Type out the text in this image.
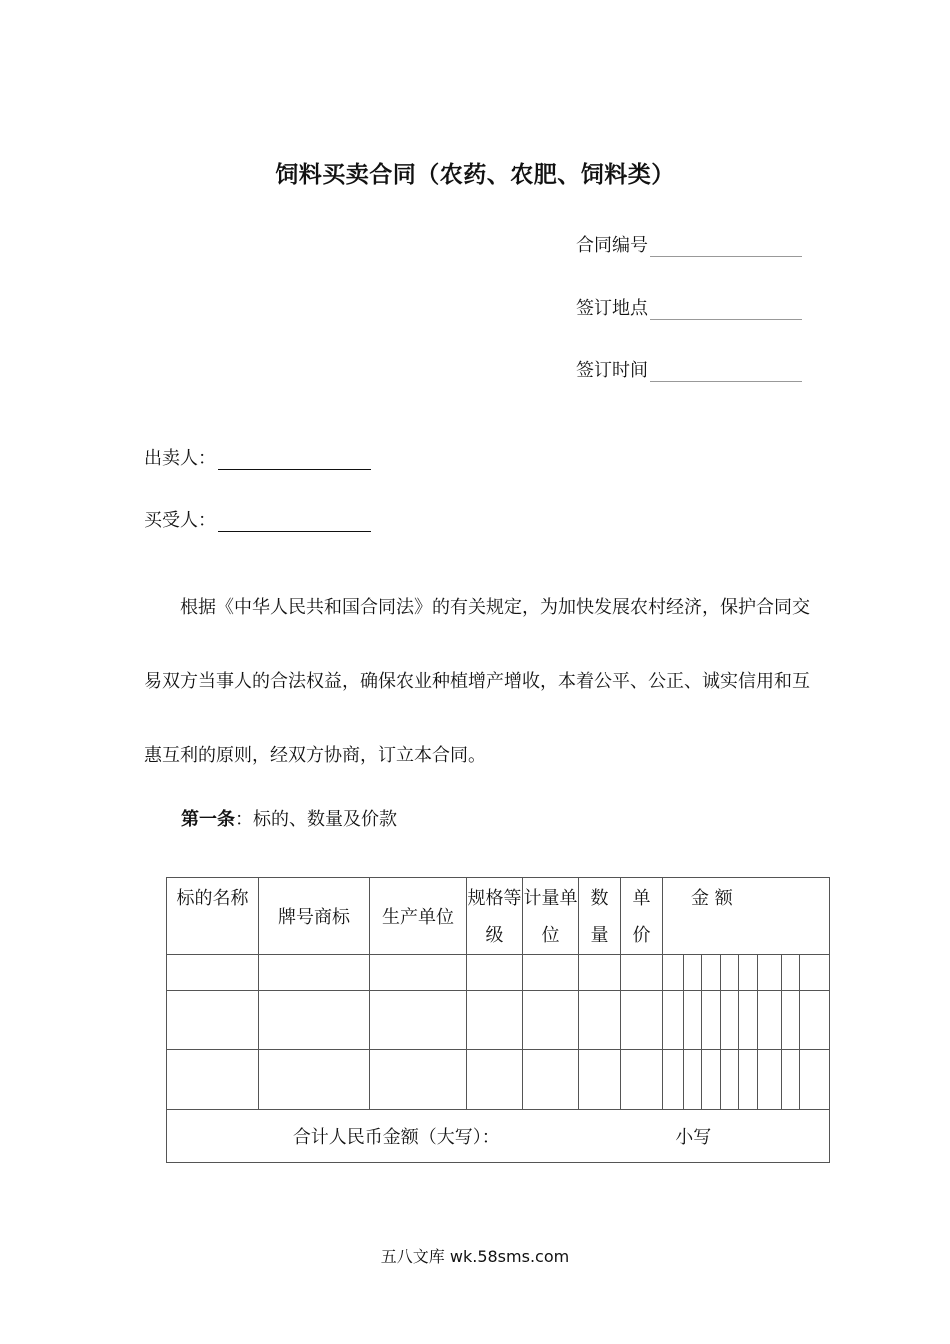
饲料买卖合同（农药、农肥、饲料类）
合同编号
签订地点
签订时间
出卖人：
买受人：
根据《中华人民共和国合同法》的有关规定，为加快发展农村经济，保护合同交易双方当事人的合法权益，确保农业种植增产增收，本着公平、公正、诚实信用和互惠互利的原则，经双方协商，订立本合同。
第一条：标的、数量及价款
标的名称	牌号商标	生产单位	规格等级	计量单位	数量	单价	金 额							

合计人民币金额（大写）： 小写														
五八文库 wk.58sms.com
